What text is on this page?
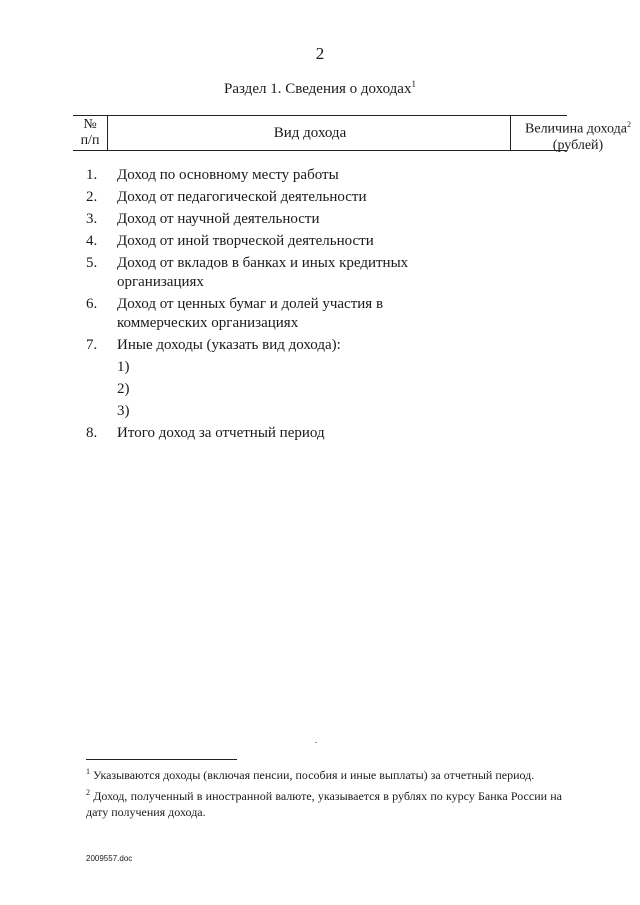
2
Раздел 1. Сведения о доходах$^1$
№
п/п	Вид дохода	Величина дохода$^2$
(рублей)
1. Доход по основному месту работы
2. Доход от педагогической деятельности
3. Доход от научной деятельности
4. Доход от иной творческой деятельности
5. Доход от вкладов в банках и иных кредитных организациях
6. Доход от ценных бумаг и долей участия в коммерческих организациях
7. Иные доходы (указать вид дохода):
1)
2)
3)
8. Итого доход за отчетный период
$^1$ Указываются доходы (включая пенсии, пособия и иные выплаты) за отчетный период.
$^2$ Доход, полученный в иностранной валюте, указывается в рублях по курсу Банка России на дату получения дохода.
2009557.doc
